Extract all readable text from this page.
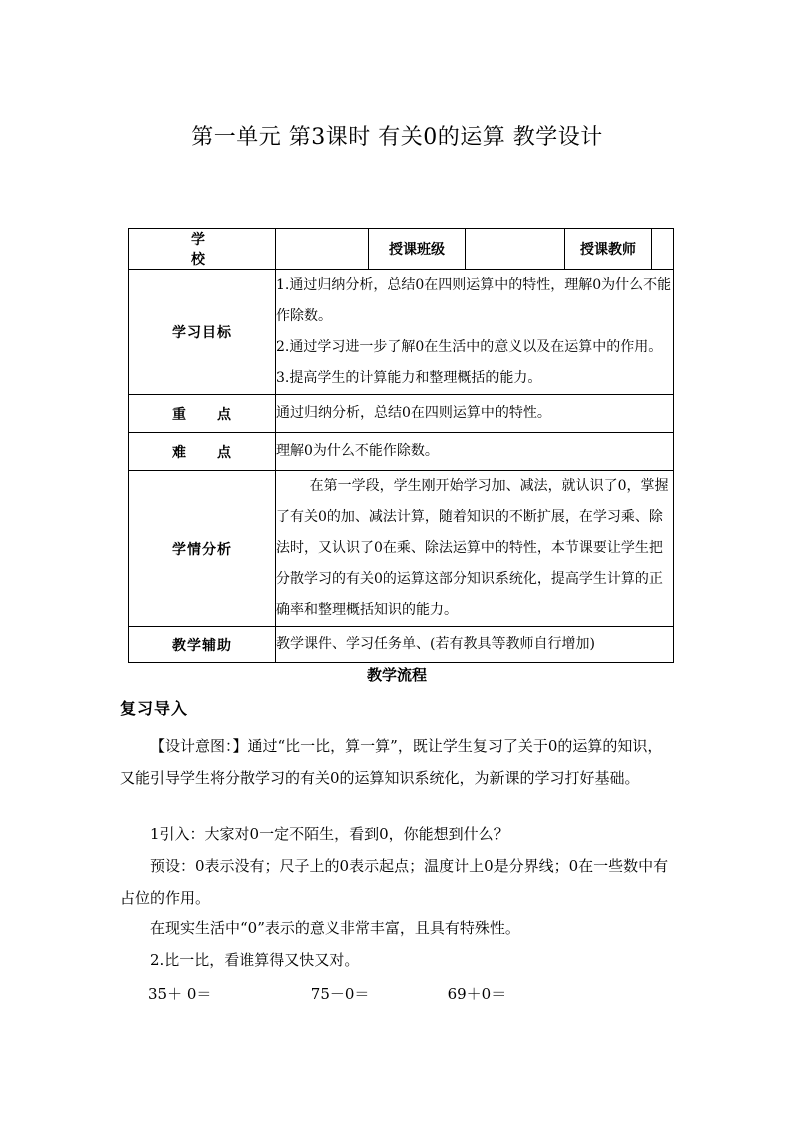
第一单元 第3课时 有关0的运算 教学设计
学　　校		授课班级		授课教师	
学习目标	1.通过归纳分析，总结0在四则运算中的特性，理解0为什么不能作除数。
2.通过学习进一步了解0在生活中的意义以及在运算中的作用。
3.提高学生的计算能力和整理概括的能力。				

重　　点	通过归纳分析，总结0在四则运算中的特性。				
难　　点	理解0为什么不能作除数。				
学情分析	在第一学段，学生刚开始学习加、减法，就认识了0，掌握了有关0的加、减法计算，随着知识的不断扩展，在学习乘、除法时，又认识了0在乘、除法运算中的特性，本节课要让学生把分散学习的有关0的运算这部分知识系统化，提高学生计算的正确率和整理概括知识的能力。				
教学辅助	教学课件、学习任务单、(若有教具等教师自行增加)				
教学流程
复习导入
【设计意图：】通过“比一比，算一算”，既让学生复习了关于0的运算的知识，又能引导学生将分散学习的有关0的运算知识系统化，为新课的学习打好基础。
1引入：大家对0一定不陌生，看到0，你能想到什么？
预设：0表示没有；尺子上的0表示起点；温度计上0是分界线；0在一些数中有占位的作用。
在现实生活中“0”表示的意义非常丰富，且具有特殊性。
2.比一比，看谁算得又快又对。
35＋ 0＝	75－0＝	69＋0＝
